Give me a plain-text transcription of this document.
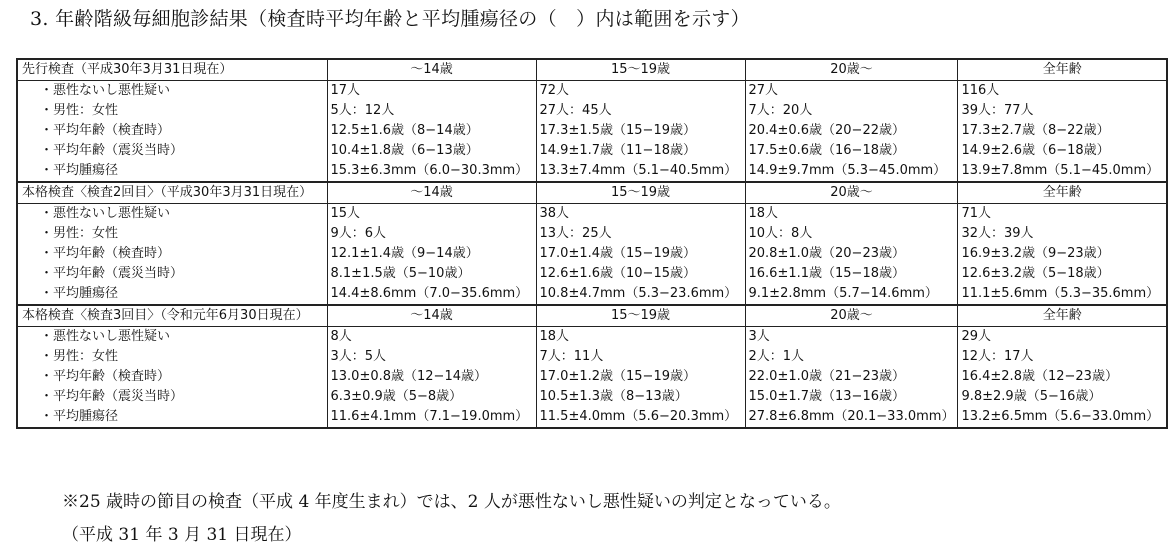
3. 年齢階級毎細胞診結果（検査時平均年齢と平均腫瘍径の（　）内は範囲を示す）
先行検査（平成30年3月31日現在）	～14歳	15～19歳	20歳～	全年齢
・悪性ないし悪性疑い	17人	72人	27人	116人
・男性：女性	5人：12人	27人：45人	7人：20人	39人：77人
・平均年齢（検査時）	12.5±1.6歳（8−14歳）	17.3±1.5歳（15−19歳）	20.4±0.6歳（20−22歳）	17.3±2.7歳（8−22歳）
・平均年齢（震災当時）	10.4±1.8歳（6−13歳）	14.9±1.7歳（11−18歳）	17.5±0.6歳（16−18歳）	14.9±2.6歳（6−18歳）
・平均腫瘍径	15.3±6.3mm（6.0−30.3mm）	13.3±7.4mm（5.1−40.5mm）	14.9±9.7mm（5.3−45.0mm）	13.9±7.8mm（5.1−45.0mm）
本格検査〈検査2回目〉（平成30年3月31日現在）	～14歳	15～19歳	20歳～	全年齢
・悪性ないし悪性疑い	15人	38人	18人	71人
・男性：女性	9人：6人	13人：25人	10人：8人	32人：39人
・平均年齢（検査時）	12.1±1.4歳（9−14歳）	17.0±1.4歳（15−19歳）	20.8±1.0歳（20−23歳）	16.9±3.2歳（9−23歳）
・平均年齢（震災当時）	8.1±1.5歳（5−10歳）	12.6±1.6歳（10−15歳）	16.6±1.1歳（15−18歳）	12.6±3.2歳（5−18歳）
・平均腫瘍径	14.4±8.6mm（7.0−35.6mm）	10.8±4.7mm（5.3−23.6mm）	9.1±2.8mm（5.7−14.6mm）	11.1±5.6mm（5.3−35.6mm）
本格検査〈検査3回目〉（令和元年6月30日現在）	～14歳	15～19歳	20歳～	全年齢
・悪性ないし悪性疑い	8人	18人	3人	29人
・男性：女性	3人：5人	7人：11人	2人：1人	12人：17人
・平均年齢（検査時）	13.0±0.8歳（12−14歳）	17.0±1.2歳（15−19歳）	22.0±1.0歳（21−23歳）	16.4±2.8歳（12−23歳）
・平均年齢（震災当時）	6.3±0.9歳（5−8歳）	10.5±1.3歳（8−13歳）	15.0±1.7歳（13−16歳）	9.8±2.9歳（5−16歳）
・平均腫瘍径	11.6±4.1mm（7.1−19.0mm）	11.5±4.0mm（5.6−20.3mm）	27.8±6.8mm（20.1−33.0mm）	13.2±6.5mm（5.6−33.0mm）
※25 歳時の節目の検査（平成 4 年度生まれ）では、2 人が悪性ないし悪性疑いの判定となっている。
（平成 31 年 3 月 31 日現在）
